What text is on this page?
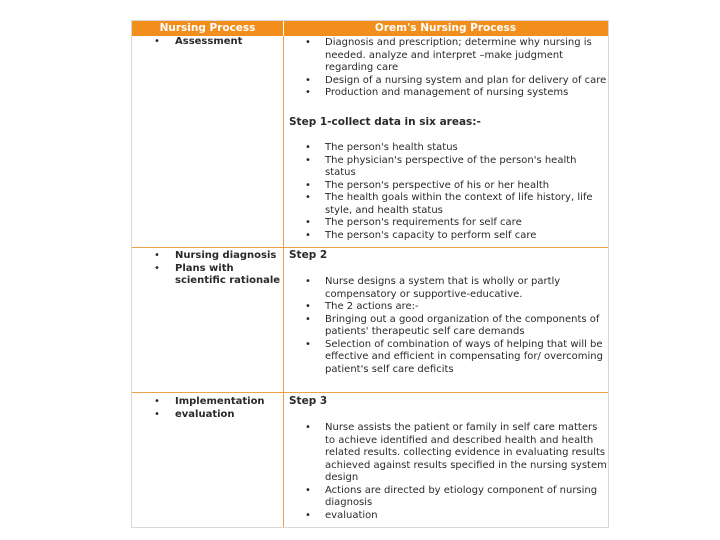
Nursing Process	Orem's Nursing Process
• Assessment	• Diagnosis and prescription; determine why nursing is needed. analyze and interpret –make judgment regarding care
• Design of a nursing system and plan for delivery of care
• Production and management of nursing systems
Step 1-collect data in six areas:-
• The person's health status
• The physician's perspective of the person's health status
• The person's perspective of his or her health
• The health goals within the context of life history, life style, and health status
• The person's requirements for self care
• The person's capacity to perform self care
• Nursing diagnosis
• Plans with
scientific rationale
Step 2
• Nurse designs a system that is wholly or partly compensatory or supportive-educative.
• The 2 actions are:-
• Bringing out a good organization of the components of patients' therapeutic self care demands
• Selection of combination of ways of helping that will be effective and efficient in compensating for/ overcoming patient's self care deficits
• Implementation
• evaluation
Step 3
• Nurse assists the patient or family in self care matters to achieve identified and described health and health related results. collecting evidence in evaluating results achieved against results specified in the nursing system design
• Actions are directed by etiology component of nursing diagnosis
• evaluation
